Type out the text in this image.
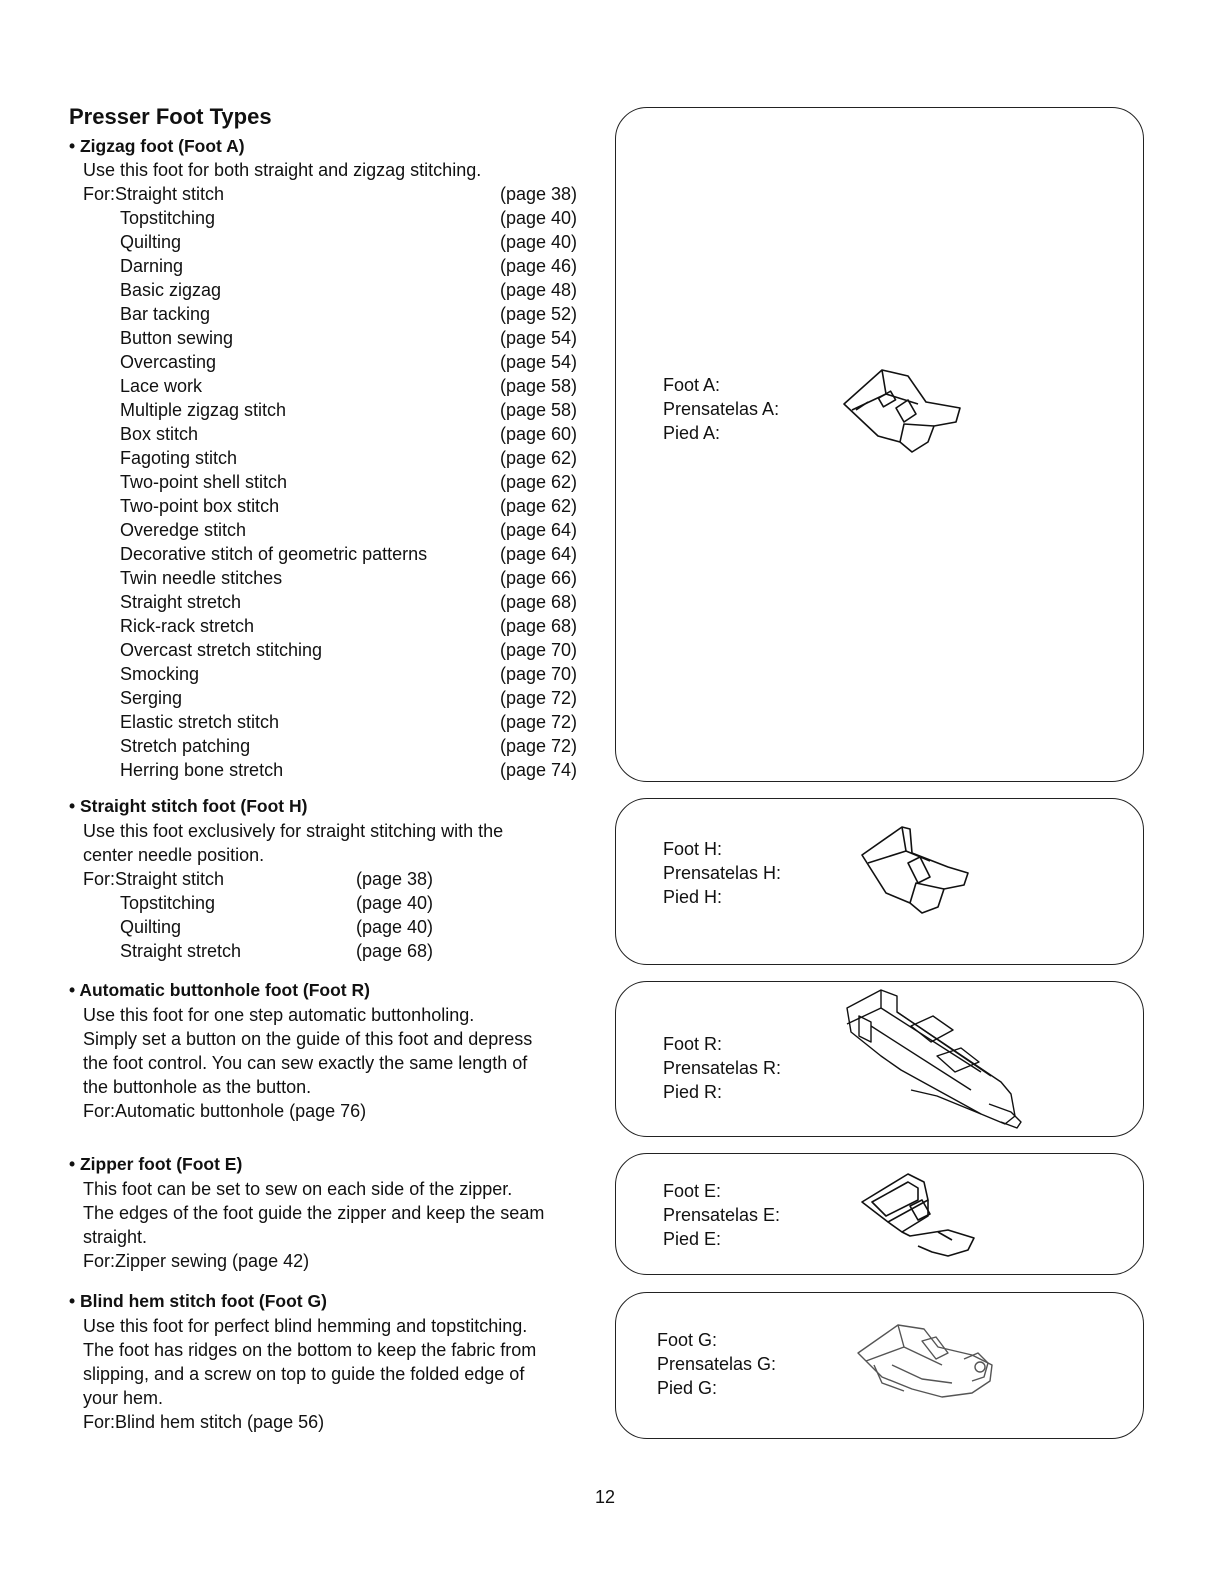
Presser Foot Types
• Zigzag foot (Foot A)

Use this foot for both straight and zigzag stitching.

For:Straight stitch	(page 38)
Topstitching	(page 40)
Quilting	(page 40)
Darning	(page 46)
Basic zigzag	(page 48)
Bar tacking	(page 52)
Button sewing	(page 54)
Overcasting	(page 54)
Lace work	(page 58)
Multiple zigzag stitch	(page 58)
Box stitch	(page 60)
Fagoting stitch	(page 62)
Two-point shell stitch	(page 62)
Two-point box stitch	(page 62)
Overedge stitch	(page 64)
Decorative stitch of geometric patterns	(page 64)
Twin needle stitches	(page 66)
Straight stretch	(page 68)
Rick-rack stretch	(page 68)
Overcast stretch stitching	(page 70)
Smocking	(page 70)
Serging	(page 72)
Elastic stretch stitch	(page 72)
Stretch patching	(page 72)
Herring bone stretch	(page 74)
• Straight stitch foot (Foot H)

Use this foot exclusively for straight stitching with the

center needle position.

For:Straight stitch	(page 38)
Topstitching	(page 40)
Quilting	(page 40)
Straight stretch	(page 68)
• Automatic buttonhole foot (Foot R)

Use this foot for one step automatic buttonholing.

Simply set a button on the guide of this foot and depress

the foot control. You can sew exactly the same length of

the buttonhole as the button.

For:Automatic buttonhole (page 76)

• Zipper foot (Foot E)

This foot can be set to sew on each side of the zipper.

The edges of the foot guide the zipper and keep the seam

straight.

For:Zipper sewing (page 42)

• Blind hem stitch foot (Foot G)

Use this foot for perfect blind hemming and topstitching.

The foot has ridges on the bottom to keep the fabric from

slipping, and a screw on top to guide the folded edge of

your hem.

For:Blind hem stitch (page 56)

Foot A:
Prensatelas A:
Pied A:
Foot H:
Prensatelas H:
Pied H:
Foot R:
Prensatelas R:
Pied R:
Foot E:
Prensatelas E:
Pied E:
Foot G:
Prensatelas G:
Pied G:
12
